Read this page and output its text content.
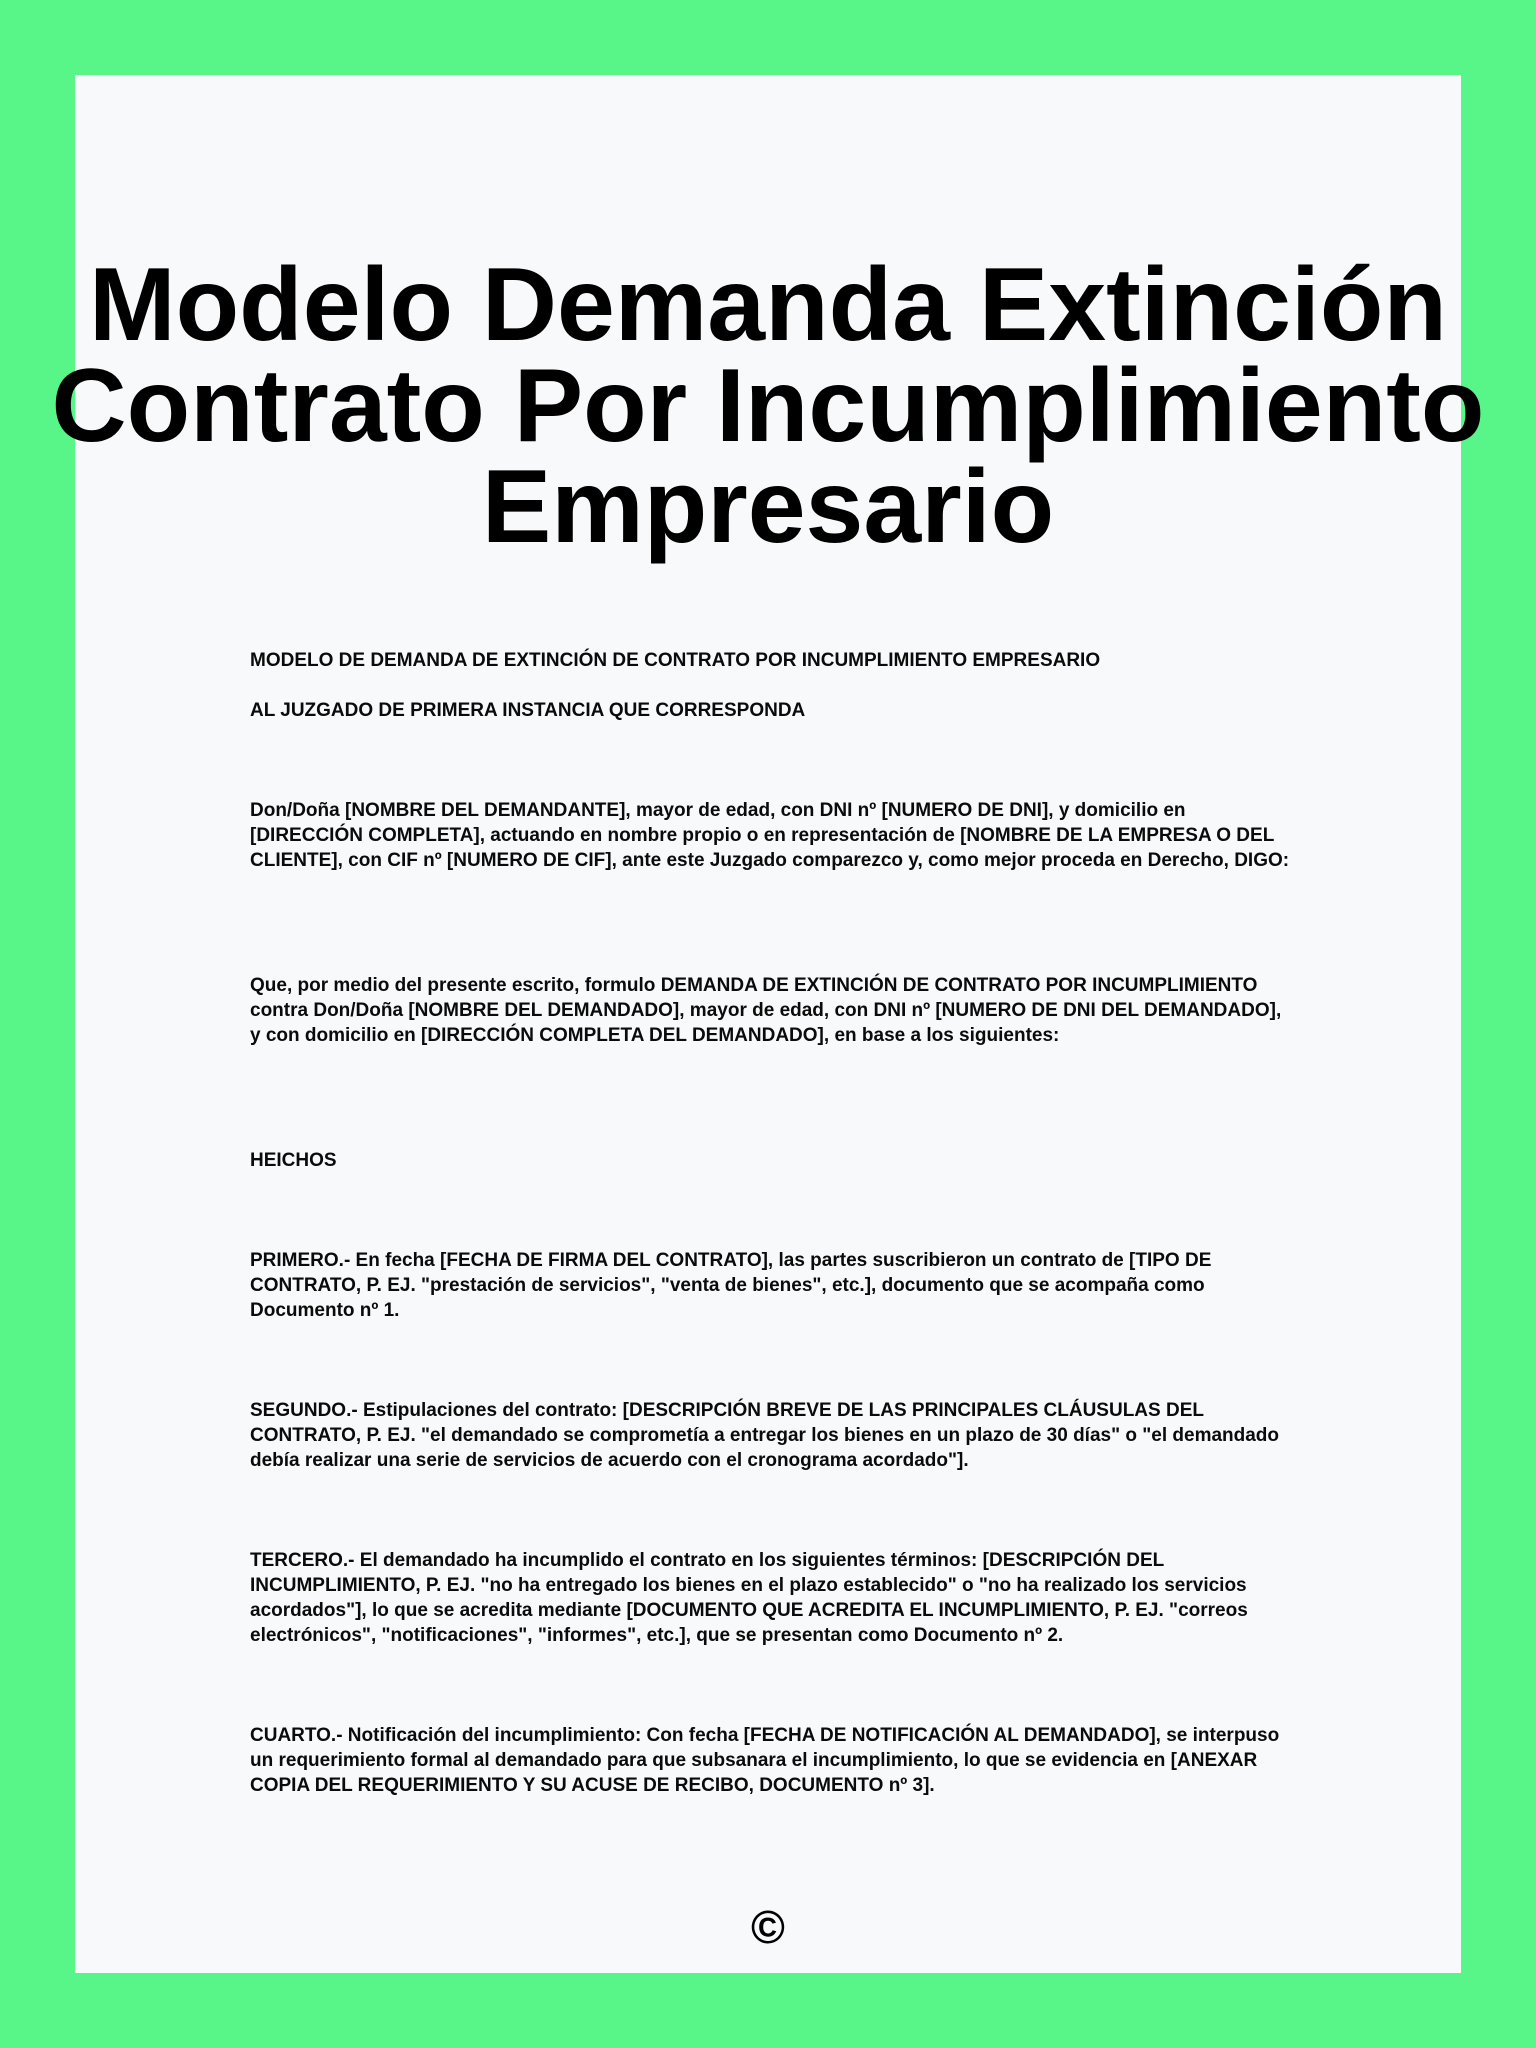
Modelo Demanda Extinción Contrato Por Incumplimiento Empresario

MODELO DE DEMANDA DE EXTINCIÓN DE CONTRATO POR INCUMPLIMIENTO EMPRESARIO

AL JUZGADO DE PRIMERA INSTANCIA QUE CORRESPONDA

Don/Doña [NOMBRE DEL DEMANDANTE], mayor de edad, con DNI nº [NUMERO DE DNI], y domicilio en [DIRECCIÓN COMPLETA], actuando en nombre propio o en representación de [NOMBRE DE LA EMPRESA O DEL CLIENTE], con CIF nº [NUMERO DE CIF], ante este Juzgado comparezco y, como mejor proceda en Derecho, DIGO:

Que, por medio del presente escrito, formulo DEMANDA DE EXTINCIÓN DE CONTRATO POR INCUMPLIMIENTO contra Don/Doña [NOMBRE DEL DEMANDADO], mayor de edad, con DNI nº [NUMERO DE DNI DEL DEMANDADO], y con domicilio en [DIRECCIÓN COMPLETA DEL DEMANDADO], en base a los siguientes:

HEICHOS

PRIMERO.- En fecha [FECHA DE FIRMA DEL CONTRATO], las partes suscribieron un contrato de [TIPO DE CONTRATO, P. EJ. "prestación de servicios", "venta de bienes", etc.], documento que se acompaña como Documento nº 1.

SEGUNDO.- Estipulaciones del contrato: [DESCRIPCIÓN BREVE DE LAS PRINCIPALES CLÁUSULAS DEL CONTRATO, P. EJ. "el demandado se comprometía a entregar los bienes en un plazo de 30 días" o "el demandado debía realizar una serie de servicios de acuerdo con el cronograma acordado"].

TERCERO.- El demandado ha incumplido el contrato en los siguientes términos: [DESCRIPCIÓN DEL INCUMPLIMIENTO, P. EJ. "no ha entregado los bienes en el plazo establecido" o "no ha realizado los servicios acordados"], lo que se acredita mediante [DOCUMENTO QUE ACREDITA EL INCUMPLIMIENTO, P. EJ. "correos electrónicos", "notificaciones", "informes", etc.], que se presentan como Documento nº 2.

CUARTO.- Notificación del incumplimiento: Con fecha [FECHA DE NOTIFICACIÓN AL DEMANDADO], se interpuso un requerimiento formal al demandado para que subsanara el incumplimiento, lo que se evidencia en [ANEXAR COPIA DEL REQUERIMIENTO Y SU ACUSE DE RECIBO, DOCUMENTO nº 3].

©
